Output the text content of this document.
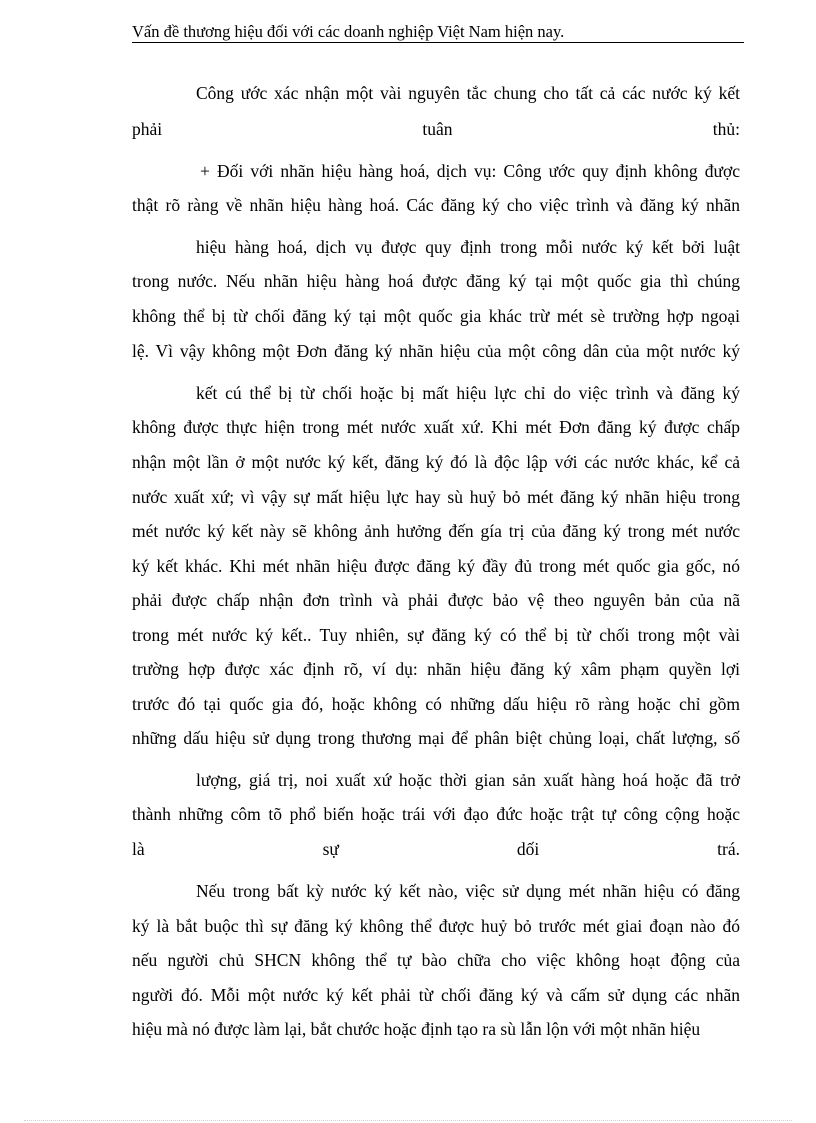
Vấn đề thương hiệu đối với các doanh nghiệp Việt Nam hiện nay.
Công ước xác nhận một vài nguyên tắc chung cho tất cả các nước ký kết
phải tuân thủ:
+ Đối với nhãn hiệu hàng hoá, dịch vụ: Công ước quy định không được
thật rõ ràng về nhãn hiệu hàng hoá. Các đăng ký cho việc trình và đăng ký nhãn
hiệu hàng hoá, dịch vụ được quy định trong mỗi nước ký kết bởi luật
trong nước. Nếu nhãn hiệu hàng hoá được đăng ký tại một quốc gia thì chúng
không thể bị từ chối đăng ký tại một quốc gia khác trừ mét sè trường hợp ngoại
lệ. Vì vậy không một Đơn đăng ký nhãn hiệu của một công dân của một nước ký
kết cú thể bị từ chối hoặc bị mất hiệu lực chỉ do việc trình và đăng ký
không được thực hiện trong mét nước xuất xứ. Khi mét Đơn đăng ký được chấp
nhận một lần ở một nước ký kết, đăng ký đó là độc lập với các nước khác, kể cả
nước xuất xứ; vì vậy sự mất hiệu lực hay sù huỷ bỏ mét đăng ký nhãn hiệu trong
mét nước ký kết này sẽ không ảnh hưởng đến gía trị của đăng ký trong mét nước
ký kết khác. Khi mét nhãn hiệu được đăng ký đầy đủ trong mét quốc gia gốc, nó
phải được chấp nhận đơn trình và phải được bảo vệ theo nguyên bản của nã
trong mét nước ký kết.. Tuy nhiên, sự đăng ký có thể bị từ chối trong một vài
trường hợp được xác định rõ, ví dụ: nhãn hiệu đăng ký xâm phạm quyền lợi
trước đó tại quốc gia đó, hoặc không có những dấu hiệu rõ ràng hoặc chỉ gồm
những dấu hiệu sử dụng trong thương mại để phân biệt chủng loại, chất lượng, số
lượng, giá trị, noi xuất xứ hoặc thời gian sản xuất hàng hoá hoặc đã trở
thành những côm tõ phổ biến hoặc trái với đạo đức hoặc trật tự công cộng hoặc
là sự dối trá.
Nếu trong bất kỳ nước ký kết nào, việc sử dụng mét nhãn hiệu có đăng
ký là bắt buộc thì sự đăng ký không thể được huỷ bỏ trước mét giai đoạn nào đó
nếu người chủ SHCN không thể tự bào chữa cho việc không hoạt động của
người đó. Mỗi một nước ký kết phải từ chối đăng ký và cấm sử dụng các nhãn
hiệu mà nó được làm lại, bắt chước hoặc định tạo ra sù lẫn lộn với một nhãn hiệu
